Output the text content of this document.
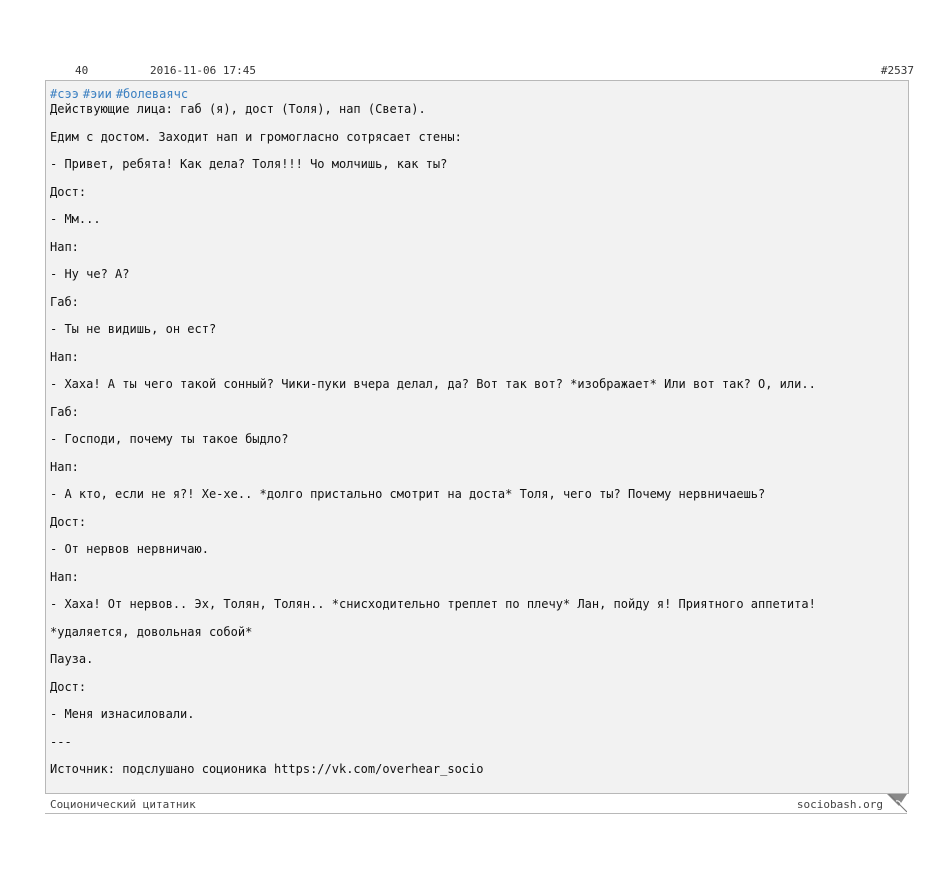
40	2016-11-06 17:45	#2537
#сээ #эии #болеваячс
Действующие лица: габ (я), дост (Толя), нап (Света).
Едим с достом. Заходит нап и громогласно сотрясает стены:
- Привет, ребята! Как дела? Толя!!! Чо молчишь, как ты?
Дост:
- Мм...
Нап:
- Ну че? А?
Габ:
- Ты не видишь, он ест?
Нап:
- Хаха! А ты чего такой сонный? Чики-пуки вчера делал, да? Вот так вот? *изображает* Или вот так? О, или..
Габ:
- Господи, почему ты такое быдло?
Нап:
- А кто, если не я?! Хе-хе.. *долго пристально смотрит на доста* Толя, чего ты? Почему нервничаешь?
Дост:
- От нервов нервничаю.
Нап:
- Хаха! От нервов.. Эх, Толян, Толян.. *снисходительно треплет по плечу* Лан, пойду я! Приятного аппетита!
*удаляется, довольная собой*
Пауза.
Дост:
- Меня изнасиловали.
---
Источник: подслушано соционика https://vk.com/overhear_socio
Соционический цитатник	sociobash.org
